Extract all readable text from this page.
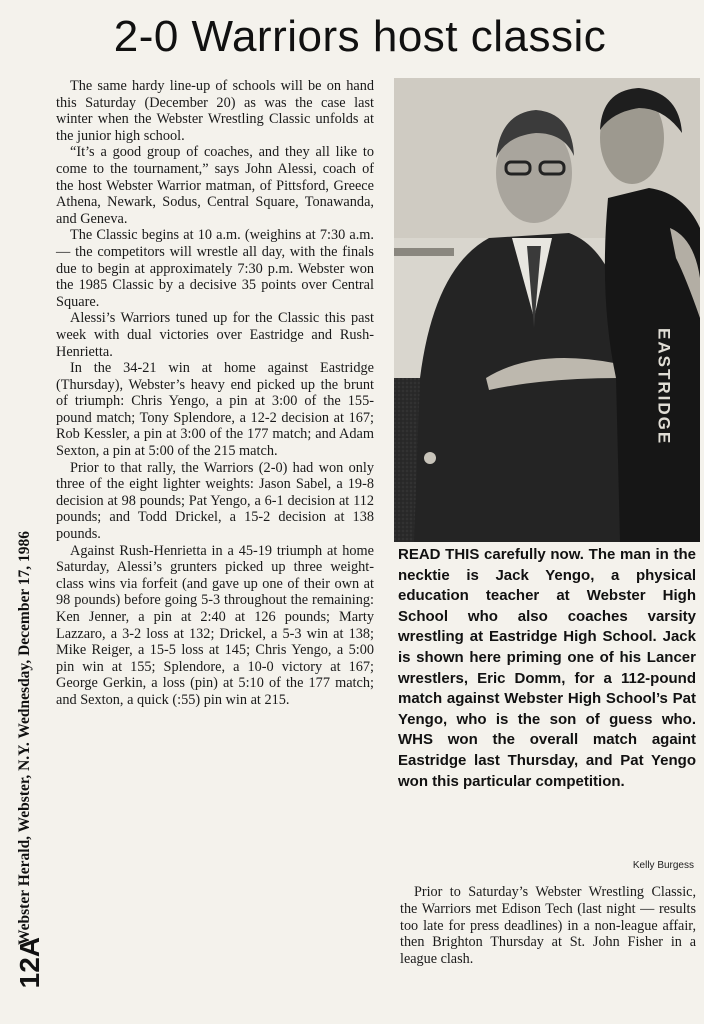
2-0 Warriors host classic
Webster Herald, Webster, N.Y. Wednesday, December 17, 1986
12A

The same hardy line-up of schools will be on hand this Saturday (December 20) as was the case last winter when the Webster Wrestling Classic unfolds at the junior high school.

“It’s a good group of coaches, and they all like to come to the tournament,” says John Alessi, coach of the host Webster Warrior matman, of Pittsford, Greece Athena, Newark, Sodus, Central Square, Tonawanda, and Geneva.

The Classic begins at 10 a.m. (weighins at 7:30 a.m. — the competitors will wrestle all day, with the finals due to begin at approximately 7:30 p.m. Webster won the 1985 Classic by a decisive 35 points over Central Square.

Alessi’s Warriors tuned up for the Classic this past week with dual victories over Eastridge and Rush-Henrietta.

In the 34-21 win at home against Eastridge (Thursday), Webster’s heavy end picked up the brunt of triumph: Chris Yengo, a pin at 3:00 of the 155-pound match; Tony Splendore, a 12-2 decision at 167; Rob Kessler, a pin at 3:00 of the 177 match; and Adam Sexton, a pin at 5:00 of the 215 match.

Prior to that rally, the Warriors (2-0) had won only three of the eight lighter weights: Jason Sabel, a 19-8 decision at 98 pounds; Pat Yengo, a 6-1 decision at 112 pounds; and Todd Drickel, a 15-2 decision at 138 pounds.

Against Rush-Henrietta in a 45-19 triumph at home Saturday, Alessi’s grunters picked up three weight-class wins via forfeit (and gave up one of their own at 98 pounds) before going 5-3 throughout the remaining: Ken Jenner, a pin at 2:40 at 126 pounds; Marty Lazzaro, a 3-2 loss at 132; Drickel, a 5-3 win at 138; Mike Reiger, a 15-5 loss at 145; Chris Yengo, a 5:00 pin win at 155; Splendore, a 10-0 victory at 167; George Gerkin, a loss (pin) at 5:10 of the 177 match; and Sexton, a quick (:55) pin win at 215.

EASTRIDGE
READ THIS carefully now. The man in the necktie is Jack Yengo, a physical education teacher at Webster High School who also coaches varsity wrestling at Eastridge High School. Jack is shown here priming one of his Lancer wrestlers, Eric Domm, for a 112-pound match against Webster High School’s Pat Yengo, who is the son of guess who. WHS won the overall match againt Eastridge last Thursday, and Pat Yengo won this particular competition.
Kelly Burgess
Prior to Saturday’s Webster Wrestling Classic, the Warriors met Edison Tech (last night — results too late for press deadlines) in a non-league affair, then Brighton Thursday at St. John Fisher in a league clash.
